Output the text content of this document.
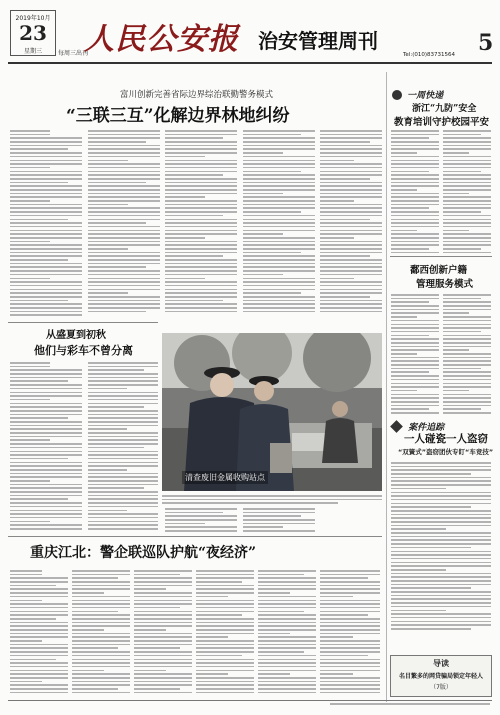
2019年10月
23
星期三	每周三出刊
人民公安报 治安管理周刊
Tel:(010)83731564 5
富川创新完善省际边界综治联勤警务模式
“三联三互”化解边界林地纠纷
从盛夏到初秋
他们与彩车不曾分离
清查废旧金属收购站点
重庆江北：警企联巡队护航“夜经济”
一周快递
浙江“九防”安全
教育培训守护校园平安
鄱西创新户籍
管理服务模式
案件追踪
一人碰瓷一人盗窃
“双簧式”盗窃团伙专盯“车竞技”
导读
名目繁多的网贷骗局锁定年轻人
（7版）
